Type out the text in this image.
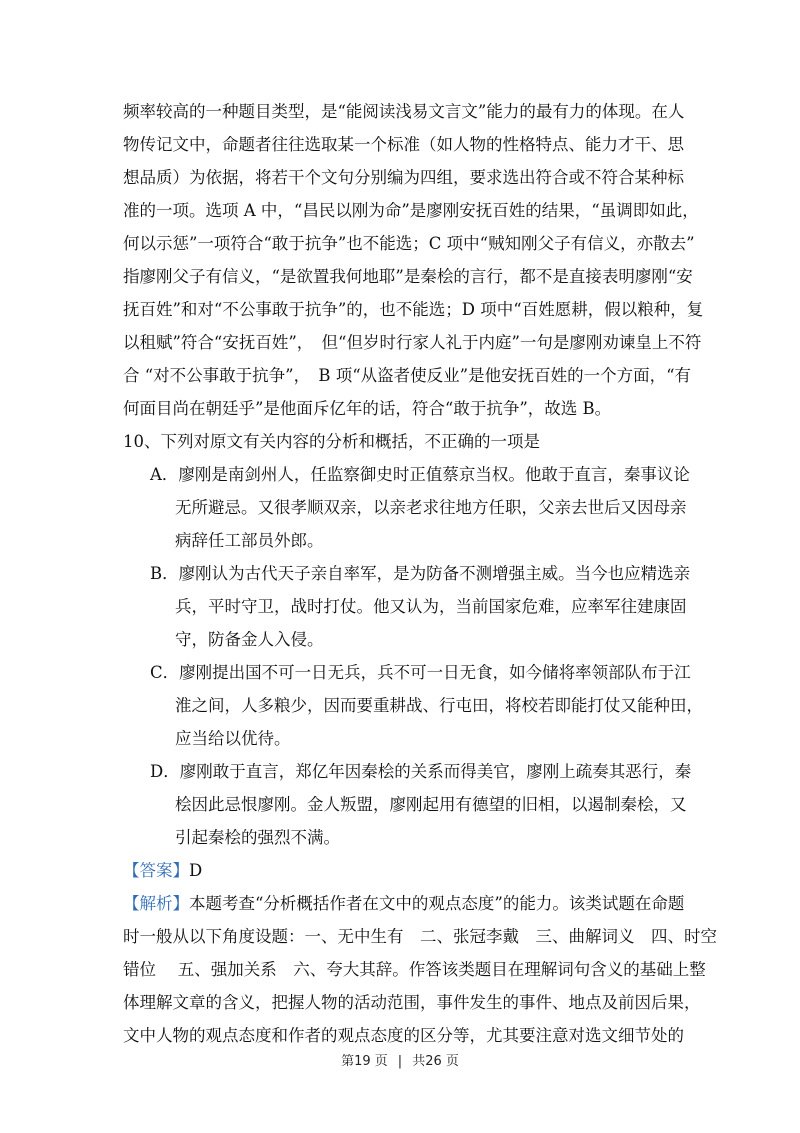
频率较高的一种题目类型，是“能阅读浅易文言文”能力的最有力的体现。在人
物传记文中，命题者往往选取某一个标准（如人物的性格特点、能力才干、思
想品质）为依据，将若干个文句分别编为四组，要求选出符合或不符合某种标
准的一项。选项 A 中，“昌民以刚为命”是廖刚安抚百姓的结果，“虽调即如此，
何以示惩”一项符合“敢于抗争”也不能选；C 项中“贼知刚父子有信义，亦散去”
指廖刚父子有信义，“是欲置我何地耶”是秦桧的言行，都不是直接表明廖刚“安
抚百姓”和对“不公事敢于抗争”的，也不能选；D 项中“百姓愿耕，假以粮种，复
以租赋”符合“安抚百姓”，　但“但岁时行家人礼于内庭”一句是廖刚劝谏皇上不符
合 “对不公事敢于抗争”，　B 项“从盗者使反业”是他安抚百姓的一个方面，“有
何面目尚在朝廷乎”是他面斥亿年的话，符合“敢于抗争”，故选 B。
10、下列对原文有关内容的分析和概括，不正确的一项是
A．廖刚是南剑州人，任监察御史时正值蔡京当权。他敢于直言，秦事议论
无所避忌。又很孝顺双亲，以亲老求往地方任职，父亲去世后又因母亲
病辞任工部员外郎。
B．廖刚认为古代天子亲自率军，是为防备不测增强主威。当今也应精选亲
兵，平时守卫，战时打仗。他又认为，当前国家危难，应率军往建康固
守，防备金人入侵。
C．廖刚提出国不可一日无兵，兵不可一日无食，如今储将率领部队布于江
淮之间，人多粮少，因而要重耕战、行屯田，将校若即能打仗又能种田，
应当给以优待。
D．廖刚敢于直言，郑亿年因秦桧的关系而得美官，廖刚上疏奏其恶行，秦
桧因此忌恨廖刚。金人叛盟，廖刚起用有德望的旧相，以遏制秦桧，又
引起秦桧的强烈不满。
【答案】D
【解析】本题考查“分析概括作者在文中的观点态度”的能力。该类试题在命题
时一般从以下角度设题：一、无中生有　二、张冠李戴　三、曲解词义　四、时空
错位　 五、强加关系　六、夸大其辞。作答该类题目在理解词句含义的基础上整
体理解文章的含义，把握人物的活动范围，事件发生的事件、地点及前因后果，
文中人物的观点态度和作者的观点态度的区分等，尤其要注意对选文细节处的
第19 页 | 共26 页
